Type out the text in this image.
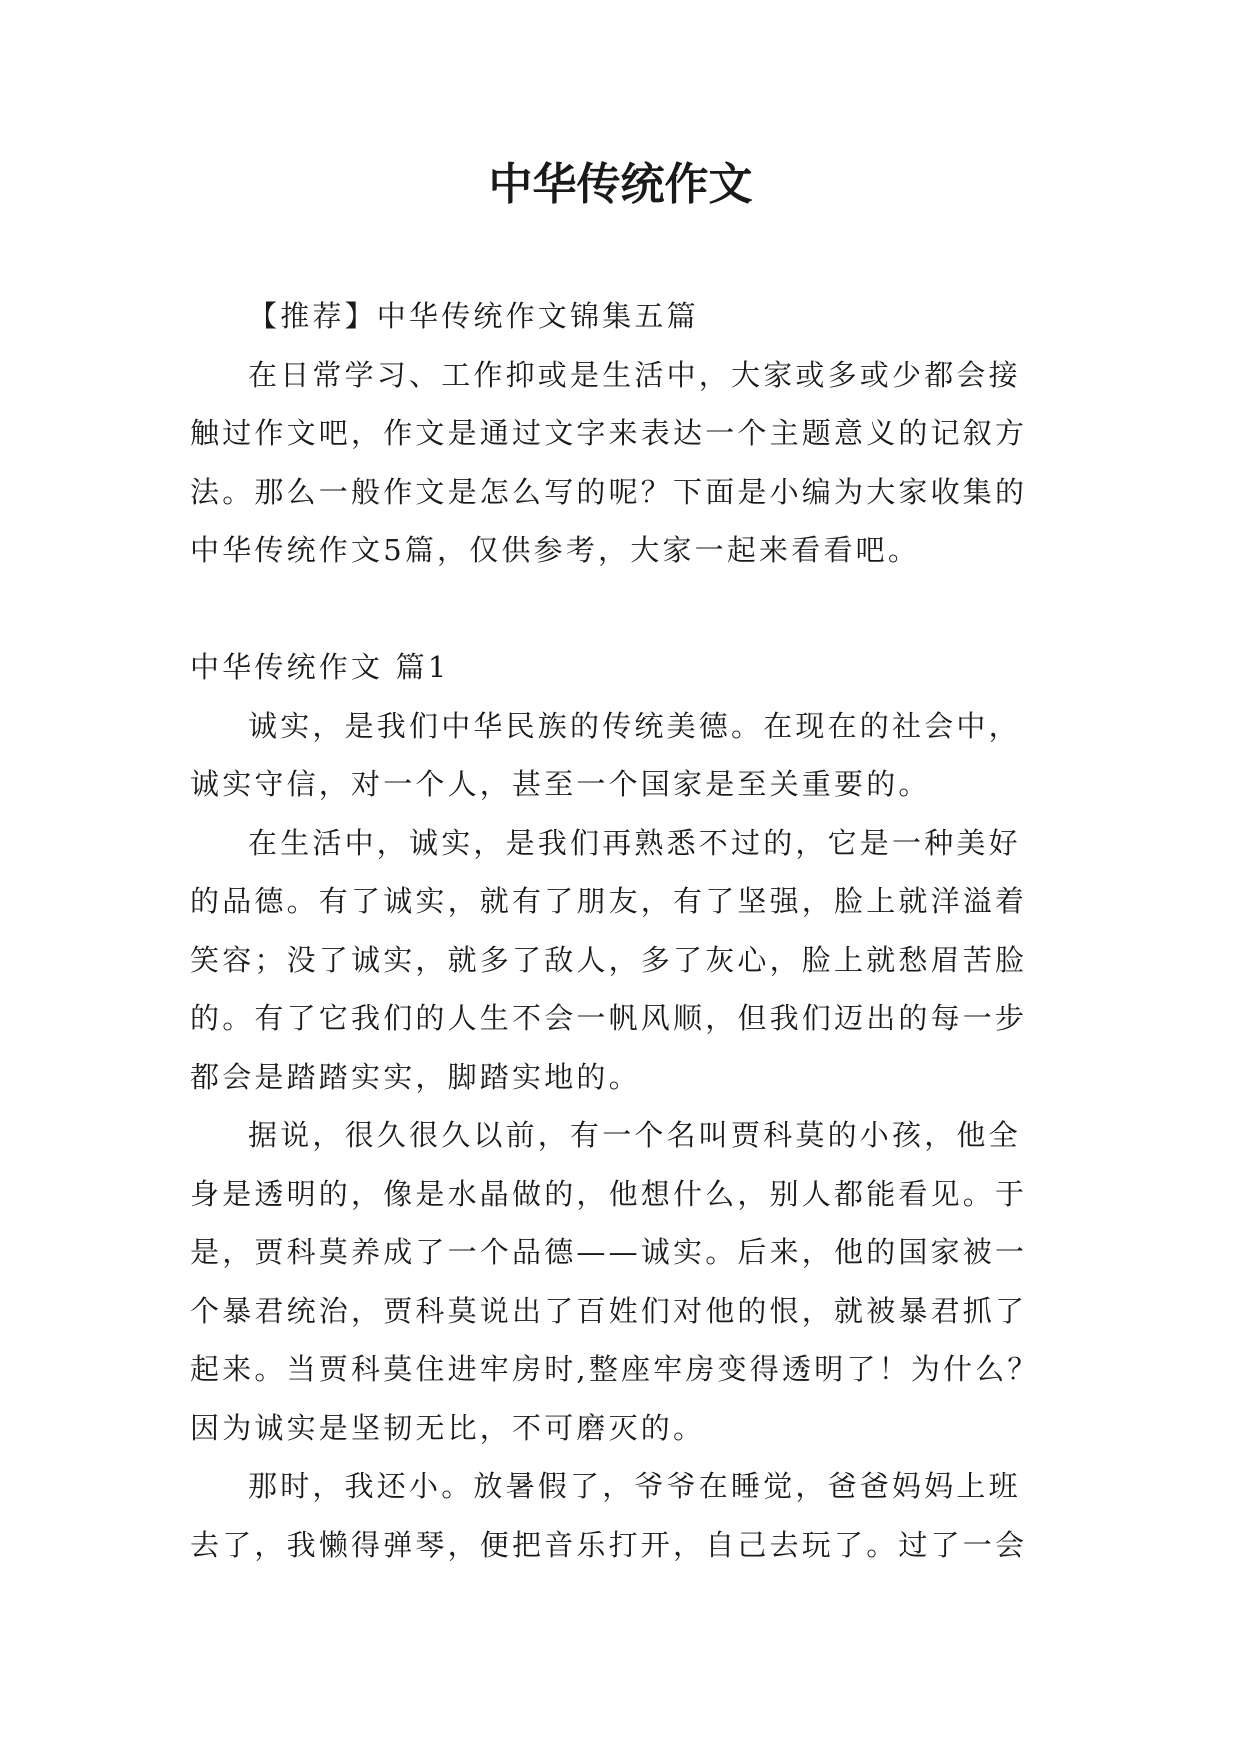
中华传统作文

【推荐】中华传统作文锦集五篇

在日常学习、工作抑或是生活中，大家或多或少都会接触过作文吧，作文是通过文字来表达一个主题意义的记叙方法。那么一般作文是怎么写的呢？下面是小编为大家收集的中华传统作文5篇，仅供参考，大家一起来看看吧。

中华传统作文 篇1

诚实，是我们中华民族的传统美德。在现在的社会中，诚实守信，对一个人，甚至一个国家是至关重要的。

在生活中，诚实，是我们再熟悉不过的，它是一种美好的品德。有了诚实，就有了朋友，有了坚强，脸上就洋溢着笑容；没了诚实，就多了敌人，多了灰心，脸上就愁眉苦脸的。有了它我们的人生不会一帆风顺，但我们迈出的每一步都会是踏踏实实，脚踏实地的。

据说，很久很久以前，有一个名叫贾科莫的小孩，他全身是透明的，像是水晶做的，他想什么，别人都能看见。于是，贾科莫养成了一个品德——诚实。后来，他的国家被一个暴君统治，贾科莫说出了百姓们对他的恨，就被暴君抓了起来。当贾科莫住进牢房时,整座牢房变得透明了！为什么？因为诚实是坚韧无比，不可磨灭的。

那时，我还小。放暑假了，爷爷在睡觉，爸爸妈妈上班去了，我懒得弹琴，便把音乐打开，自己去玩了。过了一会
